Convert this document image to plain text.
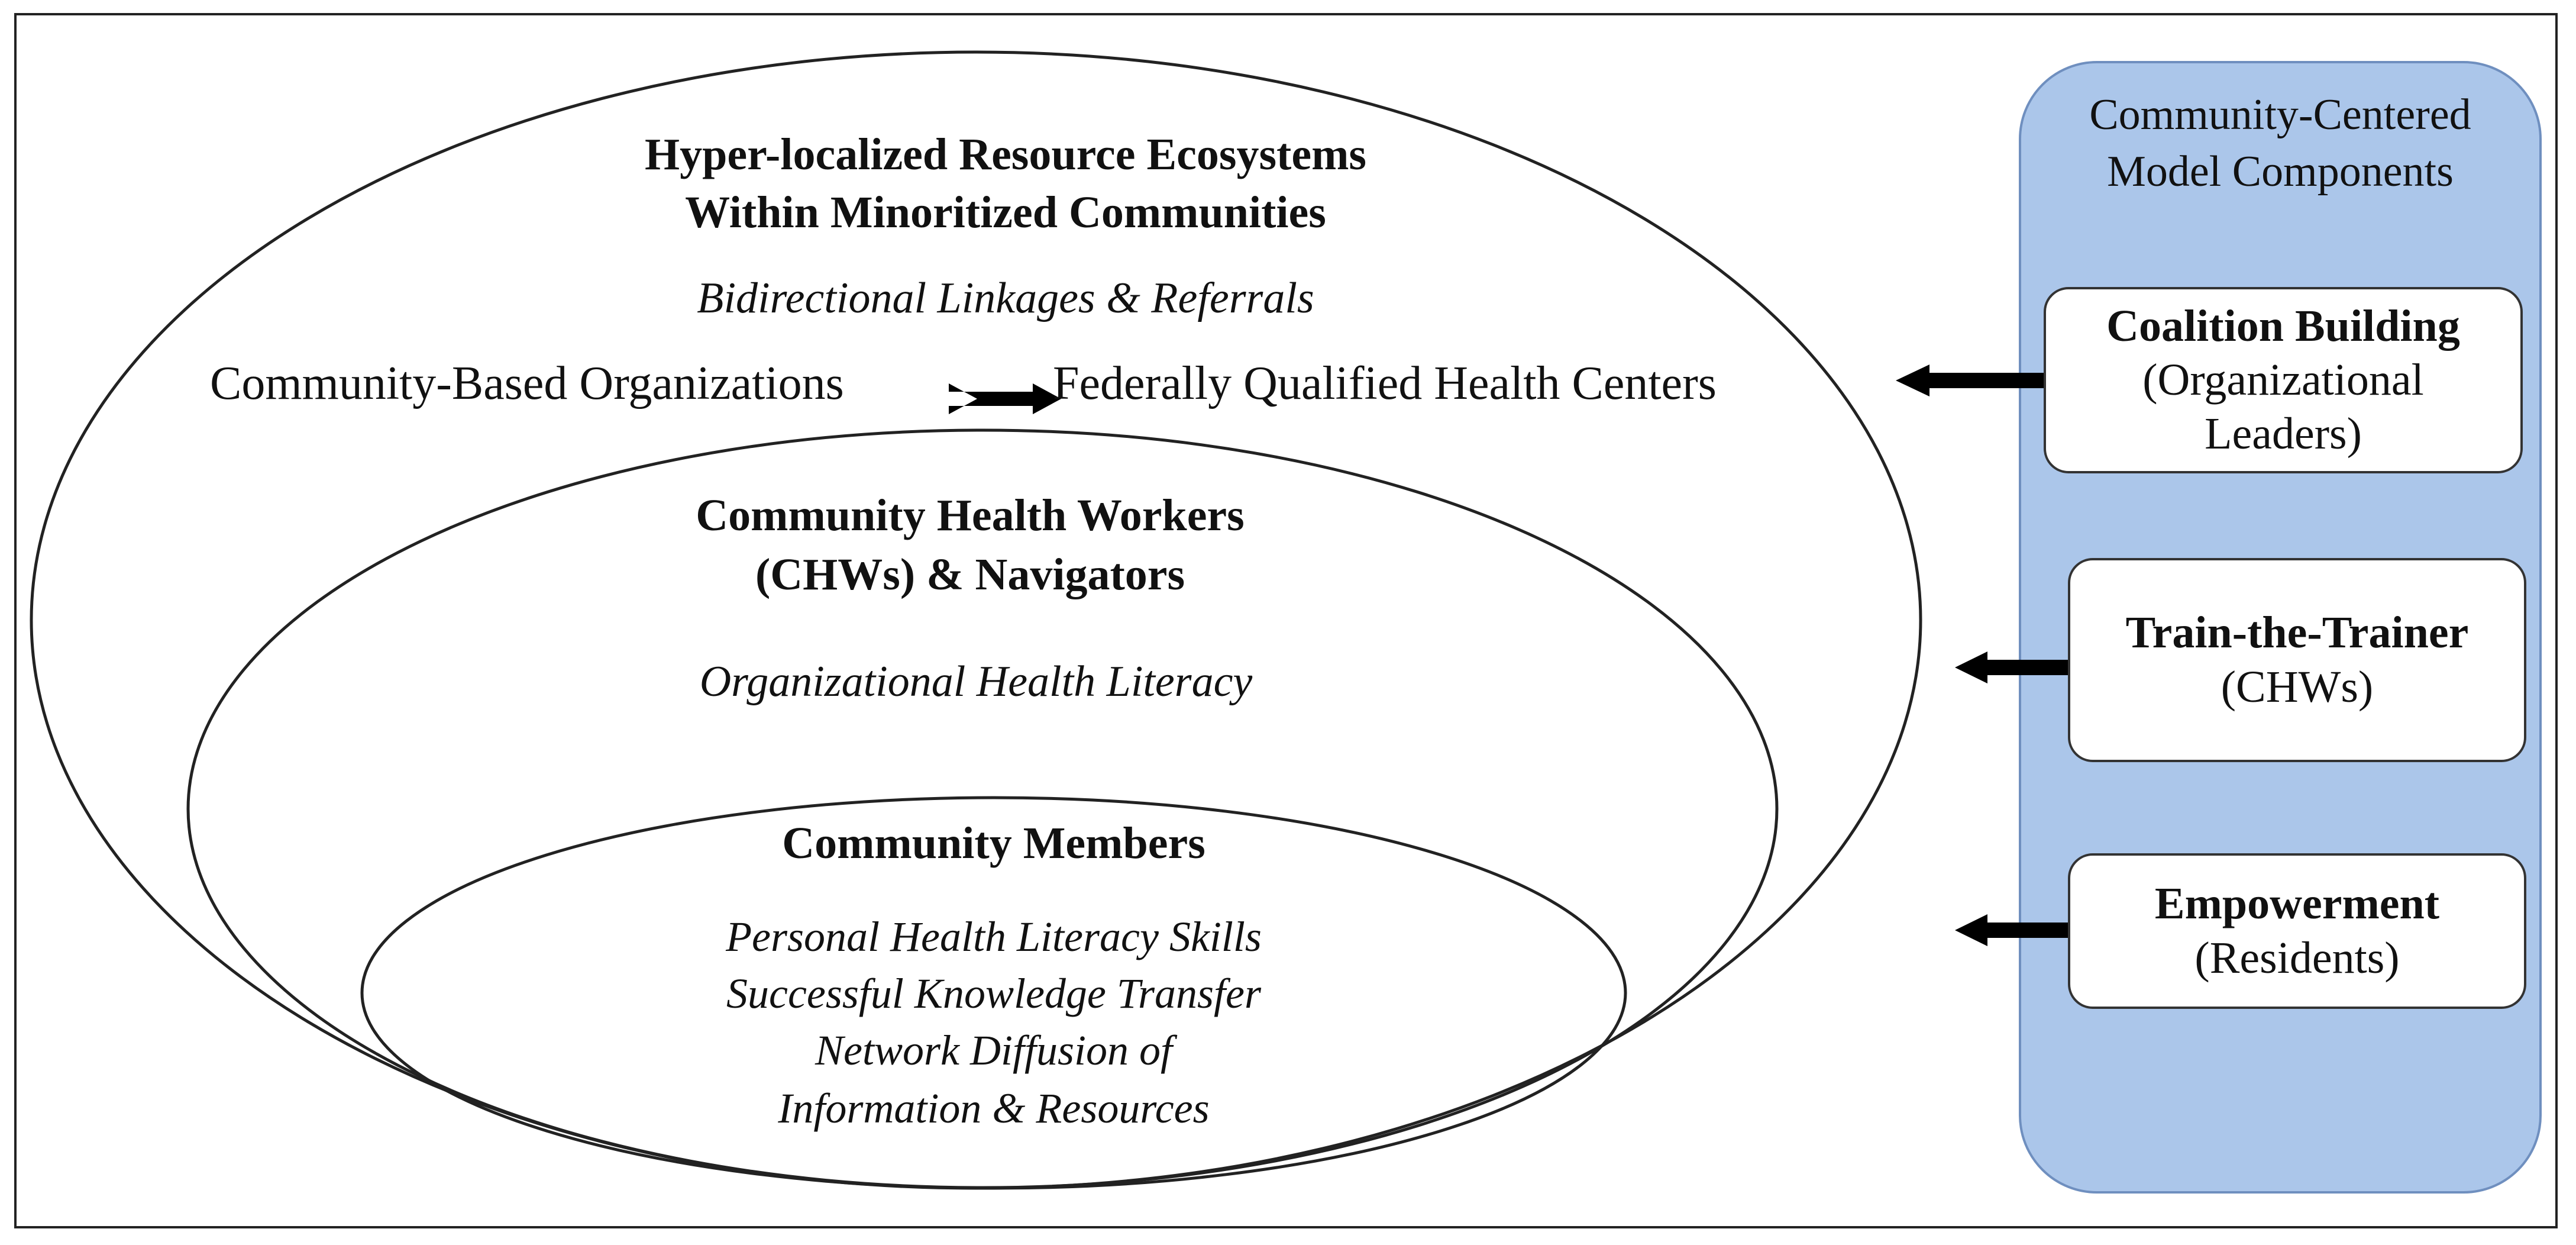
Hyper-localized Resource Ecosystems
Within Minoritized Communities
Bidirectional Linkages & Referrals
Community-Based Organizations	Federally Qualified Health Centers
Community Health Workers
(CHWs) & Navigators
Organizational Health Literacy
Community Members
Personal Health Literacy Skills
Successful Knowledge Transfer
Network Diffusion of
Information & Resources
Community-Centered
Model Components
Coalition Building
(Organizational
Leaders)
Train-the-Trainer
(CHWs)
Empowerment
(Residents)
